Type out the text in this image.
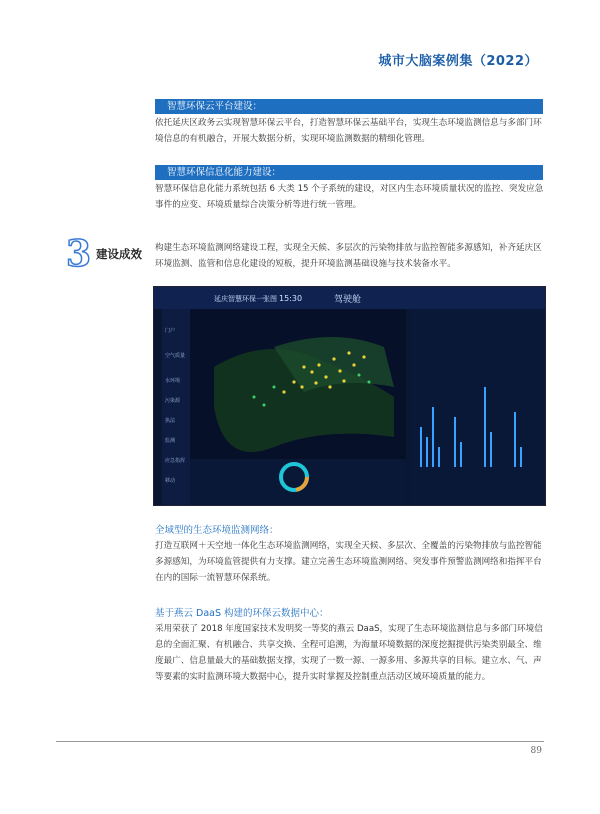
城市大脑案例集（2022）
智慧环保云平台建设：
依托延庆区政务云实现智慧环保云平台，打造智慧环保云基础平台，实现生态环境监测信息与多部门环境信息的有机融合，开展大数据分析，实现环境监测数据的精细化管理。
智慧环保信息化能力建设：
智慧环保信息化能力系统包括 6 大类 15 个子系统的建设，对区内生态环境质量状况的监控、突发应急事件的应变、环境质量综合决策分析等进行统一管理。
3 建设成效 构建生态环境监测网络建设工程，实现全天候、多层次的污染物排放与监控智能多源感知，补齐延庆区环境监测、监管和信息化建设的短板，提升环境监测基础设施与技术装备水平。
延庆智慧环保一张图 15:30	驾驶舱
门户
空气质量
水环境
污染源
执法
监测
应急指挥
移动
全域型的生态环境监测网络：
打造互联网＋天空地一体化生态环境监测网络，实现全天候、多层次、全覆盖的污染物排放与监控智能多源感知，为环境监管提供有力支撑。建立完善生态环境监测网络、突发事件预警监测网络和指挥平台在内的国际一流智慧环保系统。
基于燕云 DaaS 构建的环保云数据中心：
采用荣获了 2018 年度国家技术发明奖一等奖的燕云 DaaS，实现了生态环境监测信息与多部门环境信息的全面汇聚、有机融合、共享交换、全程可追溯，为海量环境数据的深度挖掘提供污染类别最全、维度最广、信息量最大的基础数据支撑，实现了一数一源、一源多用、多源共享的目标。建立水、气、声等要素的实时监测环境大数据中心，提升实时掌握及控制重点活动区域环境质量的能力。
89
